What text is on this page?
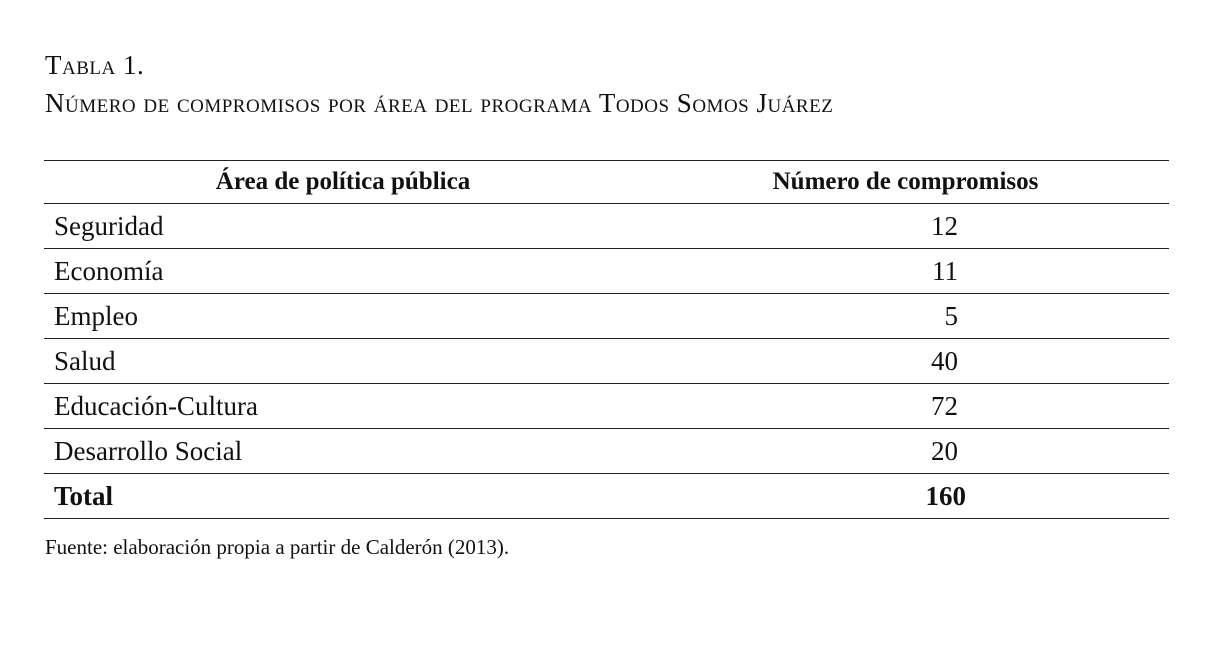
Tabla 1.
Número de compromisos por área del programa Todos Somos Juárez
Área de política pública	Número de compromisos
Seguridad	12
Economía	11
Empleo	5
Salud	40
Educación-Cultura	72
Desarrollo Social	20
Total	160
Fuente: elaboración propia a partir de Calderón (2013).
